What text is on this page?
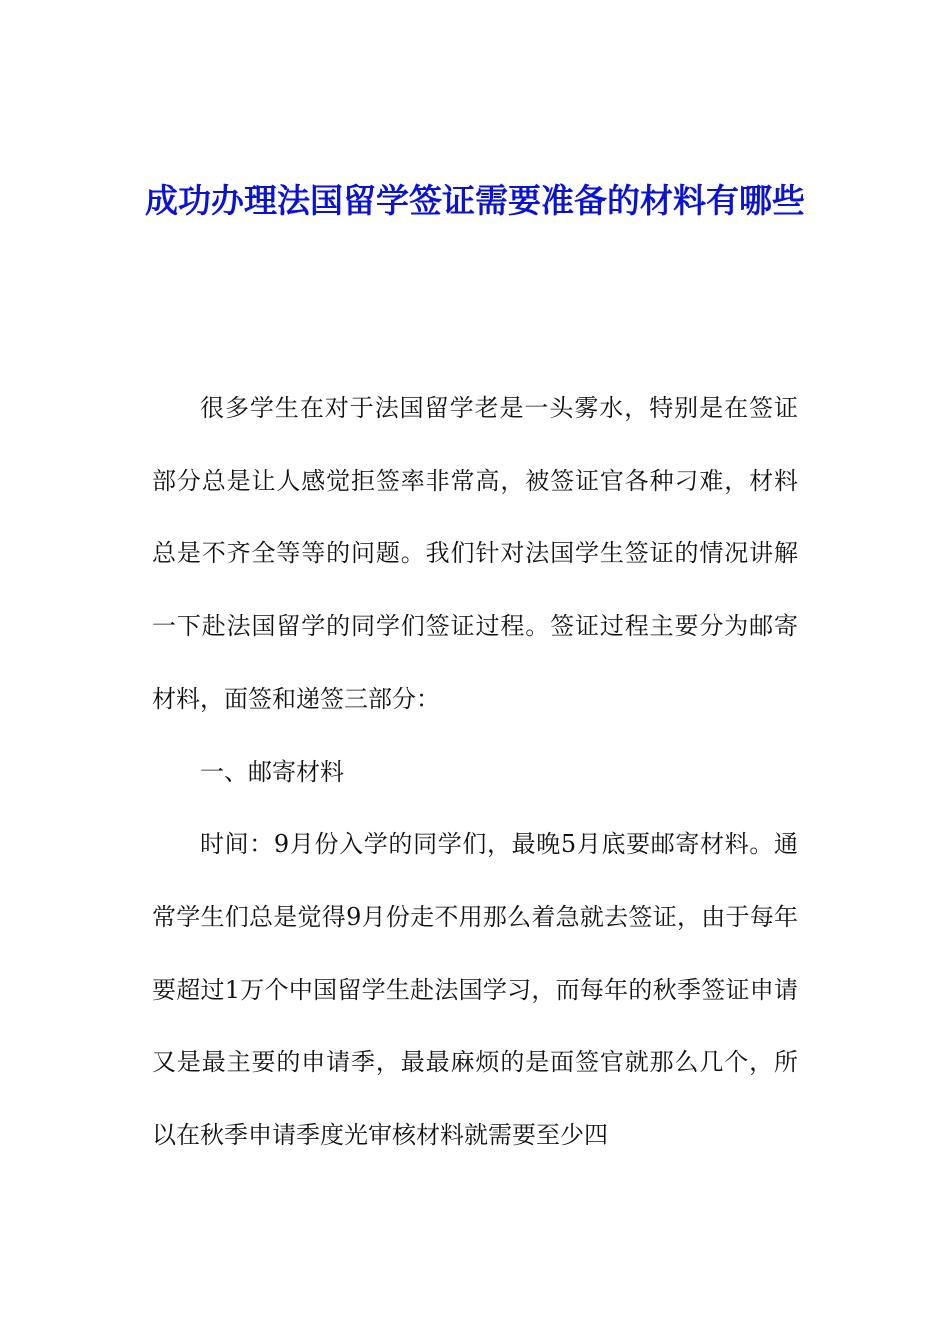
成功办理法国留学签证需要准备的材料有哪些

很多学生在对于法国留学老是一头雾水，特别是在签证部分总是让人感觉拒签率非常高，被签证官各种刁难，材料总是不齐全等等的问题。我们针对法国学生签证的情况讲解一下赴法国留学的同学们签证过程。签证过程主要分为邮寄材料，面签和递签三部分：

一、邮寄材料

时间：9月份入学的同学们，最晚5月底要邮寄材料。通常学生们总是觉得9月份走不用那么着急就去签证，由于每年要超过1万个中国留学生赴法国学习，而每年的秋季签证申请又是最主要的申请季，最最麻烦的是面签官就那么几个，所以在秋季申请季度光审核材料就需要至少四
